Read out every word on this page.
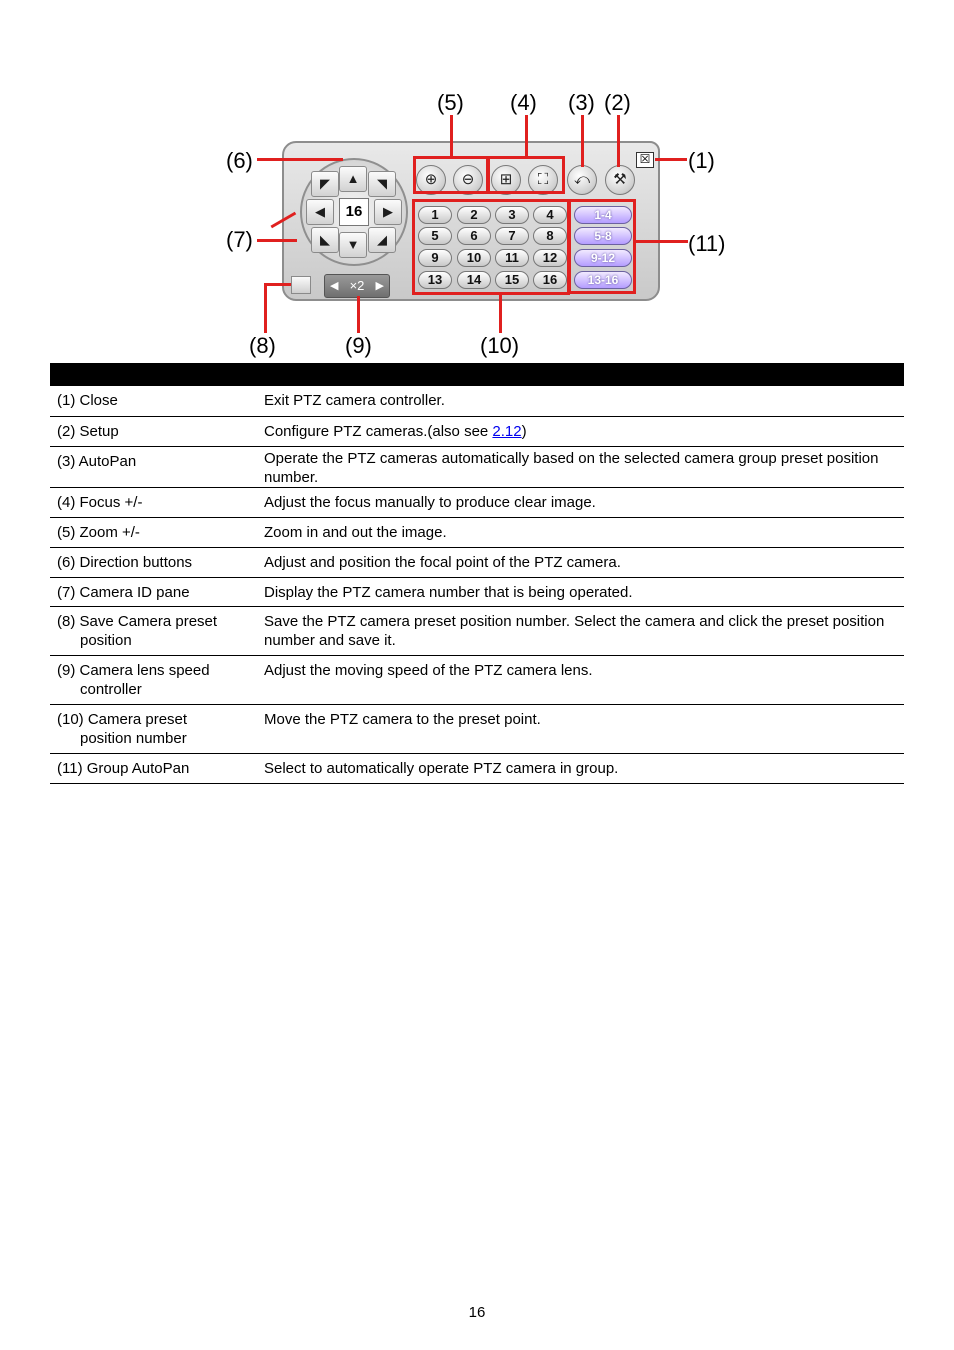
(5) (4) (3) (2)
(1)
(6)
(7)	(11)
(8)	(9)	(10)
◤	▲	◥
◀	16	▶
◣	▼	◢
⊕	⊖	⊞	⛶	⤺	⚒
☒
1	2	3	4
5	6	7	8
9	10	11	12
13	14	15	16
1-4
5-8
9-12
13-16
◀ ×2 ▶
(1) Close	Exit PTZ camera controller.
(2) Setup	Configure PTZ cameras.(also see 2.12)
(3) AutoPan	Operate the PTZ cameras automatically based on the selected camera group preset position number.
(4) Focus +/-	Adjust the focus manually to produce clear image.
(5) Zoom +/-	Zoom in and out the image.
(6) Direction buttons	Adjust and position the focal point of the PTZ camera.
(7) Camera ID pane	Display the PTZ camera number that is being operated.
(8) Save Camera preset
position	Save the PTZ camera preset position number. Select the camera and click the preset position number and save it.
(9) Camera lens speed
controller	Adjust the moving speed of the PTZ camera lens.
(10) Camera preset
position number	Move the PTZ camera to the preset point.
(11) Group AutoPan	Select to automatically operate PTZ camera in group.
16
